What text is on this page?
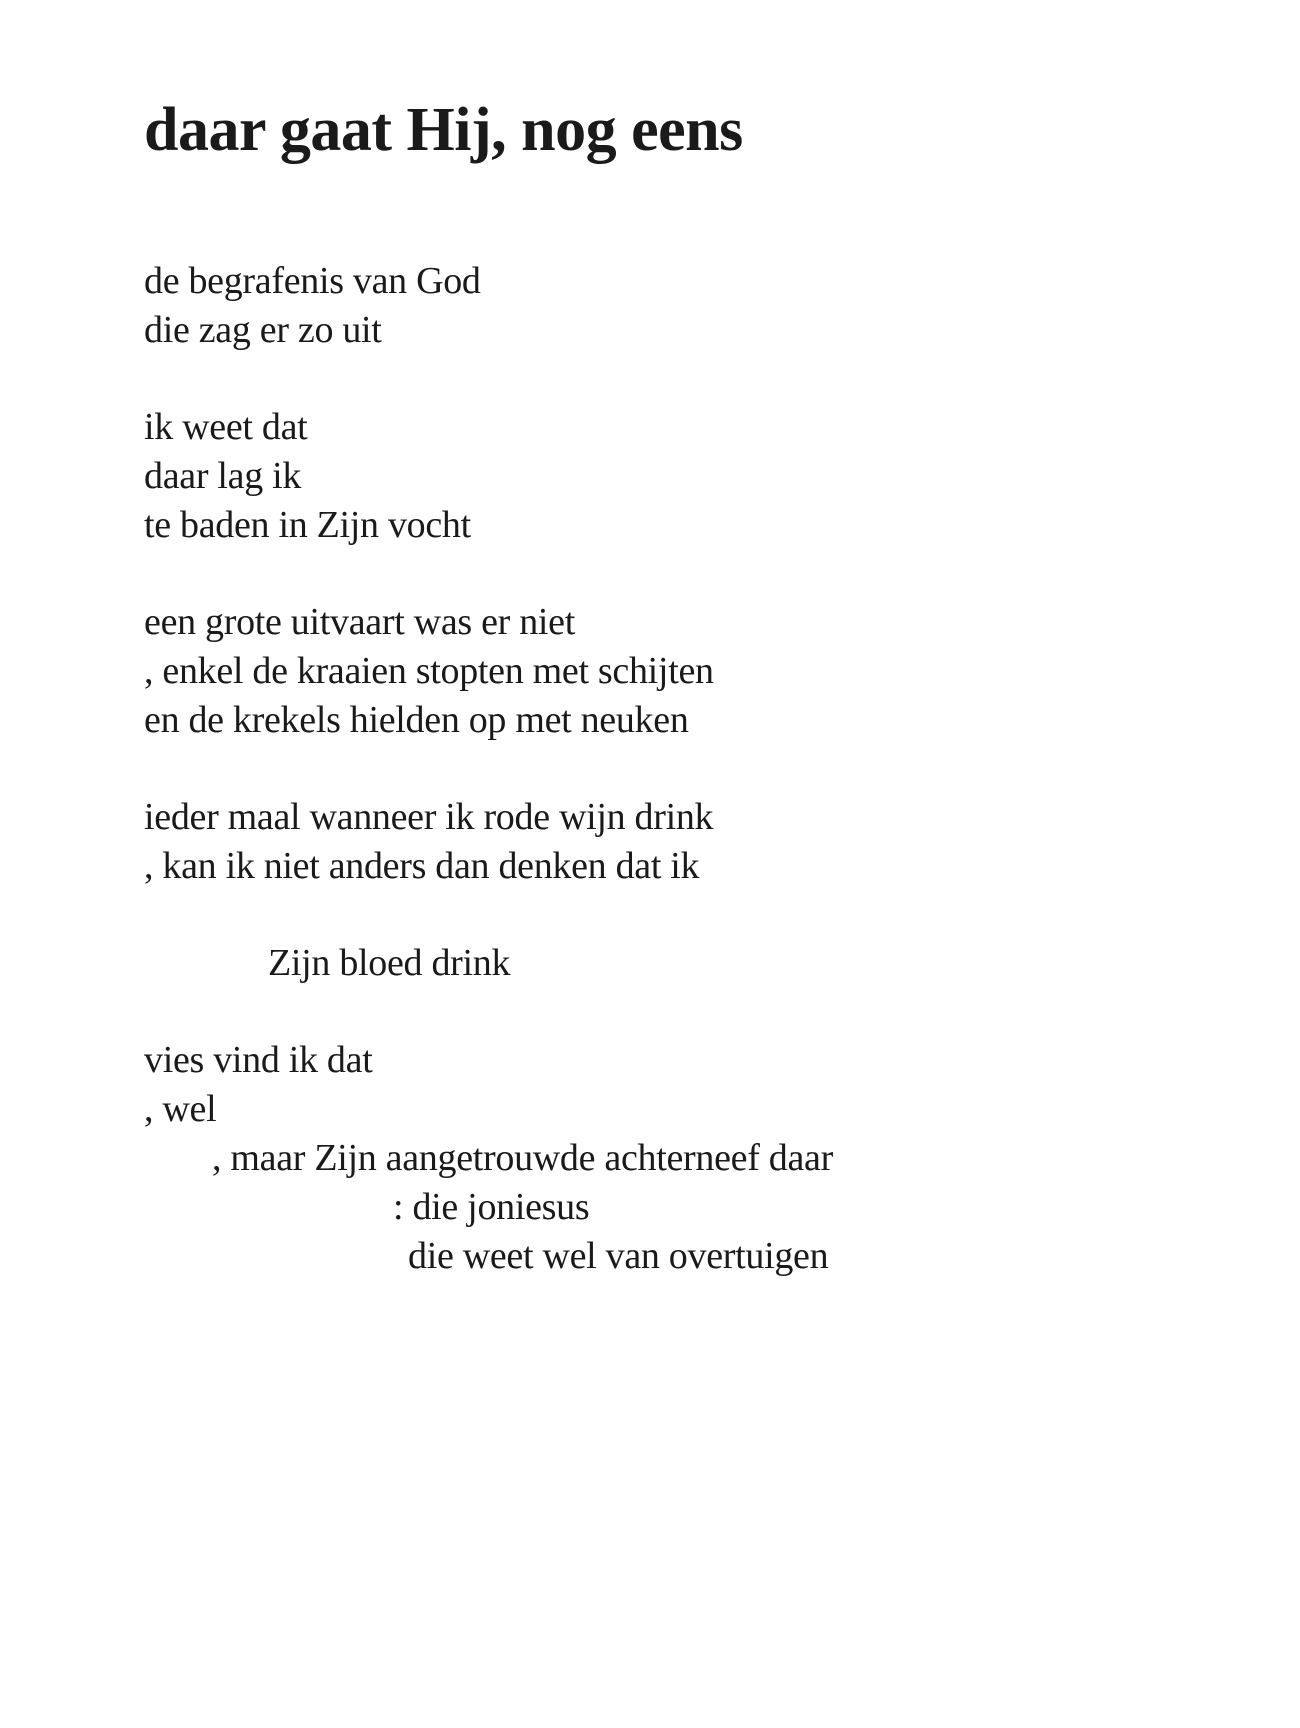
daar gaat Hij, nog eens

de begrafenis van God

die zag er zo uit

ik weet dat

daar lag ik

te baden in Zijn vocht

een grote uitvaart was er niet

, enkel de kraaien stopten met schijten

en de krekels hielden op met neuken

ieder maal wanneer ik rode wijn drink

, kan ik niet anders dan denken dat ik

Zijn bloed drink

vies vind ik dat

, wel

, maar Zijn aangetrouwde achterneef daar

: die joniesus

die weet wel van overtuigen
